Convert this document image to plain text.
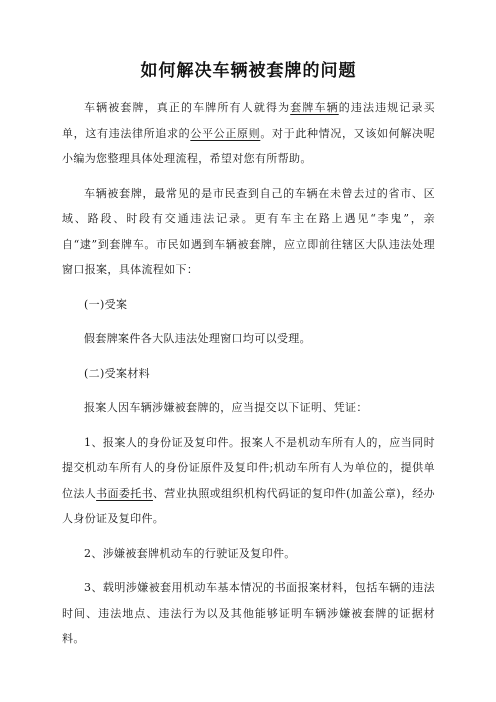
如何解决车辆被套牌的问题

车辆被套牌，真正的车牌所有人就得为套牌车辆的违法违规记录买单，这有违法律所追求的公平公正原则。对于此种情况，又该如何解决呢小编为您整理具体处理流程，希望对您有所帮助。

车辆被套牌，最常见的是市民查到自己的车辆在未曾去过的省市、区域、路段、时段有交通违法记录。更有车主在路上遇见“李鬼”，亲自“逮”到套牌车。市民如遇到车辆被套牌，应立即前往辖区大队违法处理窗口报案，具体流程如下：

(一)受案

假套牌案件各大队违法处理窗口均可以受理。

(二)受案材料

报案人因车辆涉嫌被套牌的，应当提交以下证明、凭证：

1、报案人的身份证及复印件。报案人不是机动车所有人的，应当同时提交机动车所有人的身份证原件及复印件;机动车所有人为单位的，提供单位法人书面委托书、营业执照或组织机构代码证的复印件(加盖公章)，经办人身份证及复印件。

2、涉嫌被套牌机动车的行驶证及复印件。

3、载明涉嫌被套用机动车基本情况的书面报案材料，包括车辆的违法时间、违法地点、违法行为以及其他能够证明车辆涉嫌被套牌的证据材料。
